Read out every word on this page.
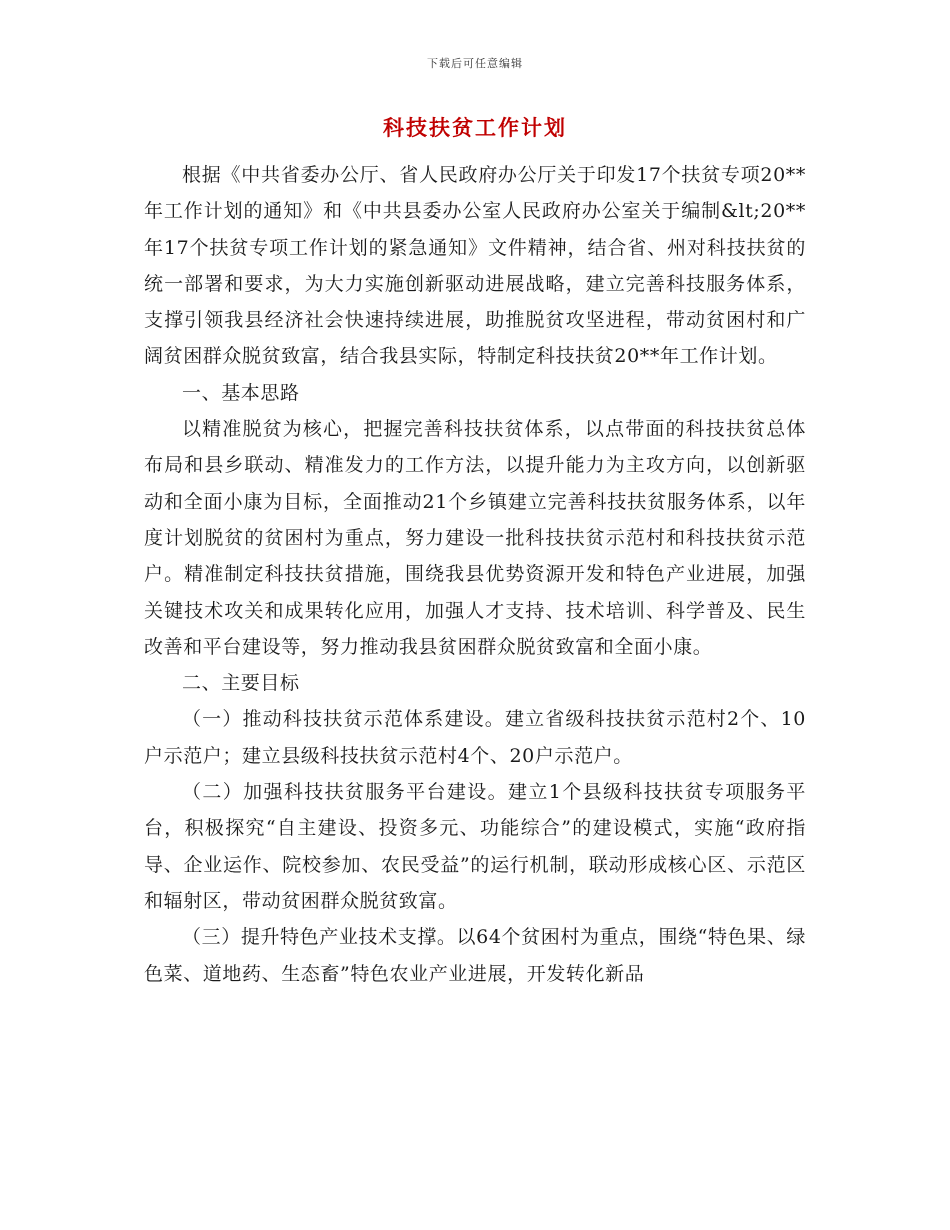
下载后可任意编辑
科技扶贫工作计划

根据《中共省委办公厅、省人民政府办公厅关于印发17个扶贫专项20**年工作计划的通知》和《中共县委办公室人民政府办公室关于编制&lt;20**年17个扶贫专项工作计划的紧急通知》文件精神，结合省、州对科技扶贫的统一部署和要求，为大力实施创新驱动进展战略，建立完善科技服务体系，支撑引领我县经济社会快速持续进展，助推脱贫攻坚进程，带动贫困村和广阔贫困群众脱贫致富，结合我县实际，特制定科技扶贫20**年工作计划。

一、基本思路

以精准脱贫为核心，把握完善科技扶贫体系，以点带面的科技扶贫总体布局和县乡联动、精准发力的工作方法，以提升能力为主攻方向，以创新驱动和全面小康为目标，全面推动21个乡镇建立完善科技扶贫服务体系，以年度计划脱贫的贫困村为重点，努力建设一批科技扶贫示范村和科技扶贫示范户。精准制定科技扶贫措施，围绕我县优势资源开发和特色产业进展，加强关键技术攻关和成果转化应用，加强人才支持、技术培训、科学普及、民生改善和平台建设等，努力推动我县贫困群众脱贫致富和全面小康。

二、主要目标

（一）推动科技扶贫示范体系建设。建立省级科技扶贫示范村2个、10户示范户；建立县级科技扶贫示范村4个、20户示范户。

（二）加强科技扶贫服务平台建设。建立1个县级科技扶贫专项服务平台，积极探究“自主建设、投资多元、功能综合”的建设模式，实施“政府指导、企业运作、院校参加、农民受益”的运行机制，联动形成核心区、示范区和辐射区，带动贫困群众脱贫致富。

（三）提升特色产业技术支撑。以64个贫困村为重点，围绕“特色果、绿色菜、道地药、生态畜”特色农业产业进展，开发转化新品
